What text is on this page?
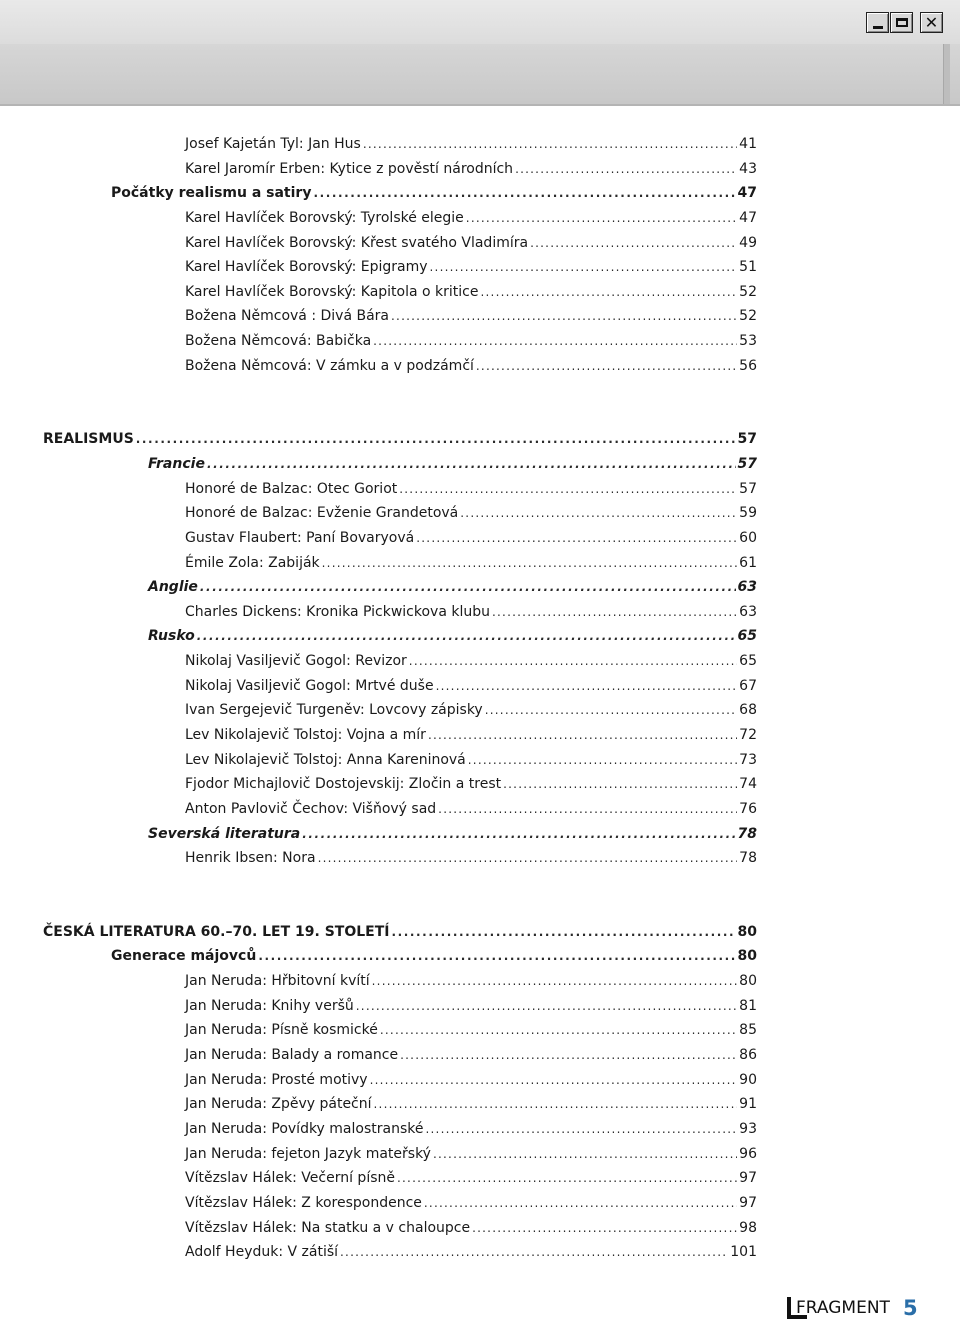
✕
Josef Kajetán Tyl: Jan Hus . . .	41
Karel Jaromír Erben: Kytice z pověstí národních . . .	43
Počátky realismu a satiry . . .	47
Karel Havlíček Borovský: Tyrolské elegie . . .	47
Karel Havlíček Borovský: Křest svatého Vladimíra . . .	49
Karel Havlíček Borovský: Epigramy . . .	51
Karel Havlíček Borovský: Kapitola o kritice . . .	52
Božena Němcová : Divá Bára . . .	52
Božena Němcová: Babička . . .	53
Božena Němcová: V zámku a v podzámčí . . .	56
REALISMUS . . .	57
Francie . . .	57
Honoré de Balzac: Otec Goriot . . .	57
Honoré de Balzac: Evženie Grandetová . . .	59
Gustav Flaubert: Paní Bovaryová . . .	60
Émile Zola: Zabiják . . .	61
Anglie . . .	63
Charles Dickens: Kronika Pickwickova klubu . . .	63
Rusko . . .	65
Nikolaj Vasiljevič Gogol: Revizor . . .	65
Nikolaj Vasiljevič Gogol: Mrtvé duše . . .	67
Ivan Sergejevič Turgeněv: Lovcovy zápisky . . .	68
Lev Nikolajevič Tolstoj: Vojna a mír . . .	72
Lev Nikolajevič Tolstoj: Anna Kareninová . . .	73
Fjodor Michajlovič Dostojevskij: Zločin a trest . . .	74
Anton Pavlovič Čechov: Višňový sad . . .	76
Severská literatura . . .	78
Henrik Ibsen: Nora . . .	78
ČESKÁ LITERATURA 60.–70. LET 19. STOLETÍ . . .	80
Generace májovců . . .	80
Jan Neruda: Hřbitovní kvítí . . .	80
Jan Neruda: Knihy veršů . . .	81
Jan Neruda: Písně kosmické . . .	85
Jan Neruda: Balady a romance . . .	86
Jan Neruda: Prosté motivy . . .	90
Jan Neruda: Zpěvy páteční . . .	91
Jan Neruda: Povídky malostranské . . .	93
Jan Neruda: fejeton Jazyk mateřský . . .	96
Vítězslav Hálek: Večerní písně . . .	97
Vítězslav Hálek: Z korespondence . . .	97
Vítězslav Hálek: Na statku a v chaloupce . . .	98
Adolf Heyduk: V zátiší . . .	101
FRAGMENT 5
